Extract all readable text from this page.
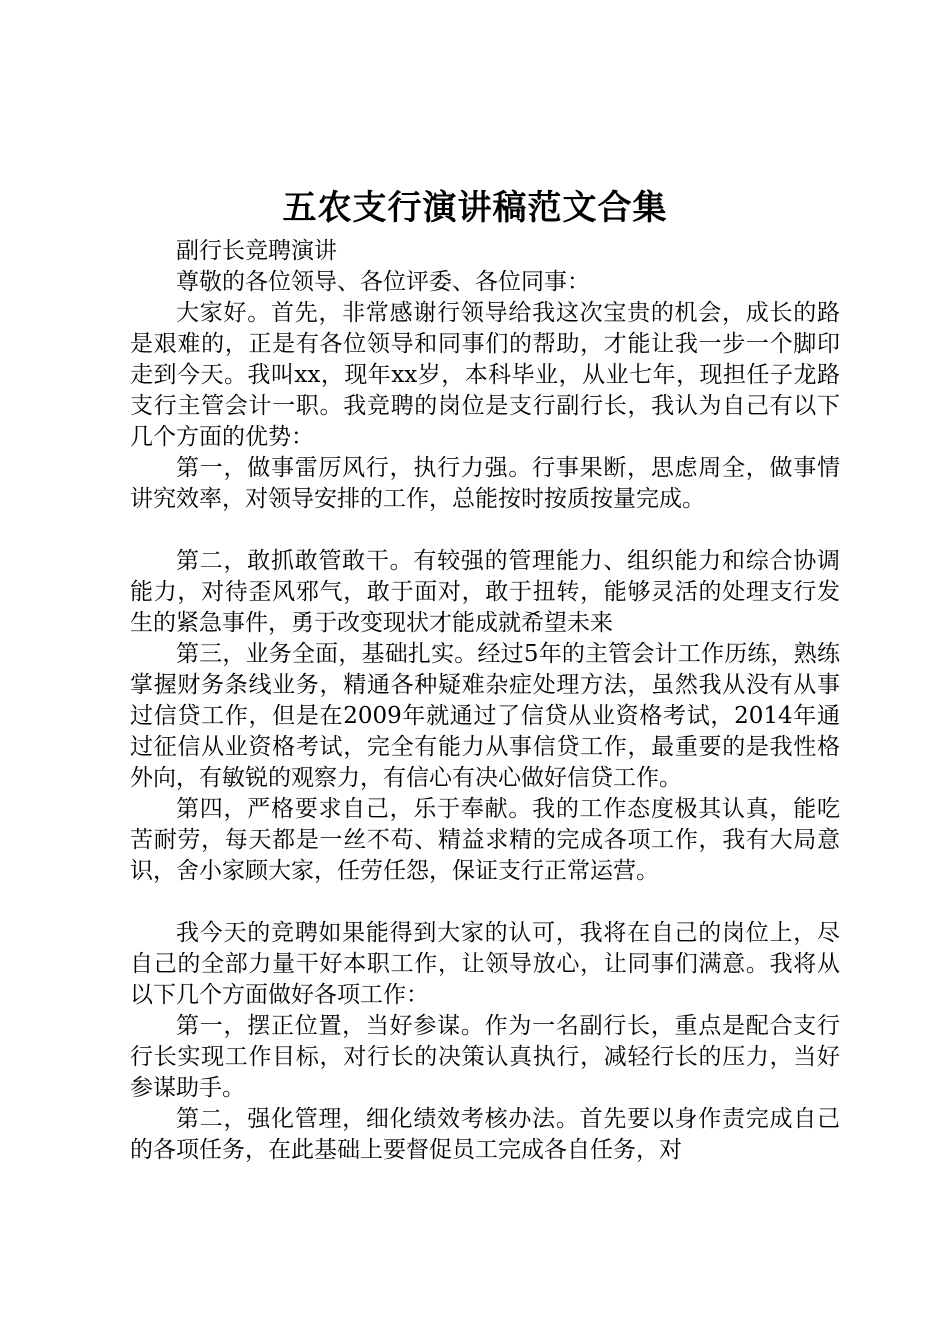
五农支行演讲稿范文合集

副行长竞聘演讲

尊敬的各位领导、各位评委、各位同事：

大家好。首先，非常感谢行领导给我这次宝贵的机会，成长的路是艰难的，正是有各位领导和同事们的帮助，才能让我一步一个脚印走到今天。我叫xx，现年xx岁，本科毕业，从业七年，现担任子龙路支行主管会计一职。我竞聘的岗位是支行副行长，我认为自己有以下几个方面的优势：

第一，做事雷厉风行，执行力强。行事果断，思虑周全，做事情讲究效率，对领导安排的工作，总能按时按质按量完成。

第二，敢抓敢管敢干。有较强的管理能力、组织能力和综合协调能力，对待歪风邪气，敢于面对，敢于扭转，能够灵活的处理支行发生的紧急事件，勇于改变现状才能成就希望未来

第三，业务全面，基础扎实。经过5年的主管会计工作历练，熟练掌握财务条线业务，精通各种疑难杂症处理方法，虽然我从没有从事过信贷工作，但是在2009年就通过了信贷从业资格考试，2014年通过征信从业资格考试，完全有能力从事信贷工作，最重要的是我性格外向，有敏锐的观察力，有信心有决心做好信贷工作。

第四，严格要求自己，乐于奉献。我的工作态度极其认真，能吃苦耐劳，每天都是一丝不苟、精益求精的完成各项工作，我有大局意识，舍小家顾大家，任劳任怨，保证支行正常运营。

我今天的竞聘如果能得到大家的认可，我将在自己的岗位上，尽自己的全部力量干好本职工作，让领导放心，让同事们满意。我将从以下几个方面做好各项工作：

第一，摆正位置，当好参谋。作为一名副行长，重点是配合支行行长实现工作目标，对行长的决策认真执行，减轻行长的压力，当好参谋助手。

第二，强化管理，细化绩效考核办法。首先要以身作责完成自己的各项任务，在此基础上要督促员工完成各自任务，对
